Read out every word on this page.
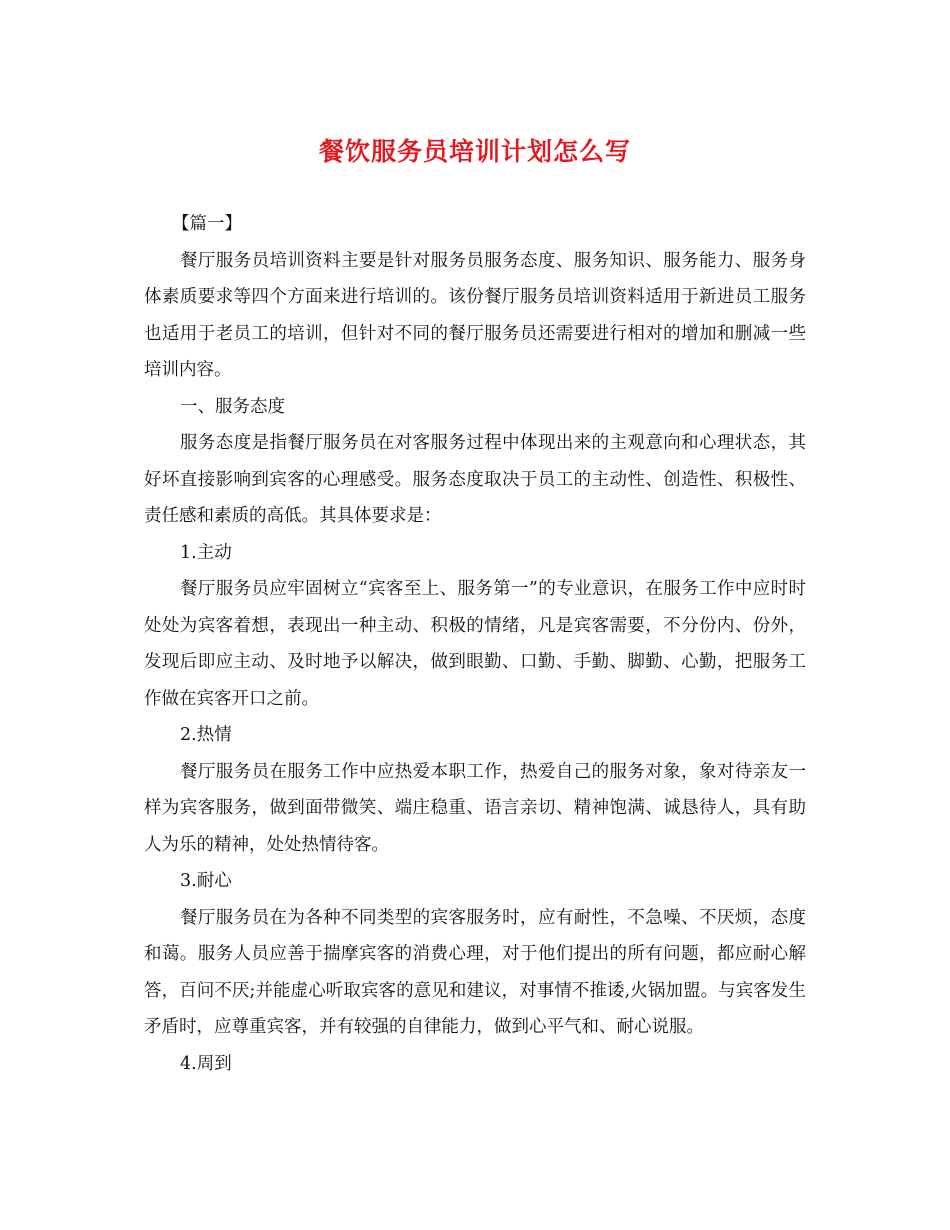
餐饮服务员培训计划怎么写

【篇一】

餐厅服务员培训资料主要是针对服务员服务态度、服务知识、服务能力、服务身体素质要求等四个方面来进行培训的。该份餐厅服务员培训资料适用于新进员工服务也适用于老员工的培训，但针对不同的餐厅服务员还需要进行相对的增加和删减一些培训内容。

一、服务态度

服务态度是指餐厅服务员在对客服务过程中体现出来的主观意向和心理状态，其好坏直接影响到宾客的心理感受。服务态度取决于员工的主动性、创造性、积极性、责任感和素质的高低。其具体要求是：

1.主动

餐厅服务员应牢固树立“宾客至上、服务第一”的专业意识，在服务工作中应时时处处为宾客着想，表现出一种主动、积极的情绪，凡是宾客需要，不分份内、份外，发现后即应主动、及时地予以解决，做到眼勤、口勤、手勤、脚勤、心勤，把服务工作做在宾客开口之前。

2.热情

餐厅服务员在服务工作中应热爱本职工作，热爱自己的服务对象，象对待亲友一样为宾客服务，做到面带微笑、端庄稳重、语言亲切、精神饱满、诚恳待人，具有助人为乐的精神，处处热情待客。

3.耐心

餐厅服务员在为各种不同类型的宾客服务时，应有耐性，不急噪、不厌烦，态度和蔼。服务人员应善于揣摩宾客的消费心理，对于他们提出的所有问题，都应耐心解答，百问不厌;并能虚心听取宾客的意见和建议，对事情不推诿,火锅加盟。与宾客发生矛盾时，应尊重宾客，并有较强的自律能力，做到心平气和、耐心说服。

4.周到
